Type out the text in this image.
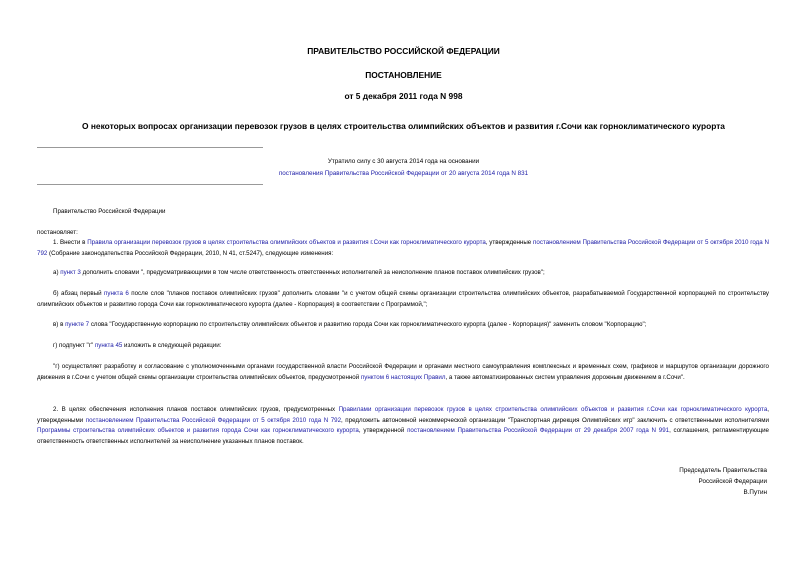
ПРАВИТЕЛЬСТВО РОССИЙСКОЙ ФЕДЕРАЦИИ
ПОСТАНОВЛЕНИЕ
от 5 декабря 2011 года N 998
О некоторых вопросах организации перевозок грузов в целях строительства олимпийских объектов и развития г.Сочи как горноклиматического курорта
Утратило силу с 30 августа 2014 года на основании
постановления Правительства Российской Федерации от 20 августа 2014 года N 831
Правительство Российской Федерации
постановляет:
1. Внести в Правила организации перевозок грузов в целях строительства олимпийских объектов и развития г.Сочи как горноклиматического курорта, утвержденные постановлением Правительства Российской Федерации от 5 октября 2010 года N 792 (Собрание законодательства Российской Федерации, 2010, N 41, ст.5247), следующие изменения:
а) пункт 3 дополнить словами ", предусматривающими в том числе ответственность ответственных исполнителей за неисполнение планов поставок олимпийских грузов";
б) абзац первый пункта 6 после слов "планов поставок олимпийских грузов" дополнить словами "и с учетом общей схемы организации строительства олимпийских объектов, разрабатываемой Государственной корпорацией по строительству олимпийских объектов и развитию города Сочи как горноклиматического курорта (далее - Корпорация) в соответствии с Программой,";
в) в пункте 7 слова "Государственную корпорацию по строительству олимпийских объектов и развитию города Сочи как горноклиматического курорта (далее - Корпорация)" заменить словом "Корпорацию";
г) подпункт "г" пункта 45 изложить в следующей редакции:
"г) осуществляет разработку и согласование с уполномоченными органами государственной власти Российской Федерации и органами местного самоуправления комплексных и временных схем, графиков и маршрутов организации дорожного движения в г.Сочи с учетом общей схемы организации строительства олимпийских объектов, предусмотренной пунктом 6 настоящих Правил, а также автоматизированных систем управления дорожным движением в г.Сочи".
2. В целях обеспечения исполнения планов поставок олимпийских грузов, предусмотренных Правилами организации перевозок грузов в целях строительства олимпийских объектов и развития г.Сочи как горноклиматического курорта, утвержденными постановлением Правительства Российской Федерации от 5 октября 2010 года N 792, предложить автономной некоммерческой организации "Транспортная дирекция Олимпийских игр" заключить с ответственными исполнителями Программы строительства олимпийских объектов и развития города Сочи как горноклиматического курорта, утвержденной постановлением Правительства Российской Федерации от 29 декабря 2007 года N 991, соглашения, регламентирующие ответственность ответственных исполнителей за неисполнение указанных планов поставок.
Председатель Правительства
Российской Федерации
В.Путин
